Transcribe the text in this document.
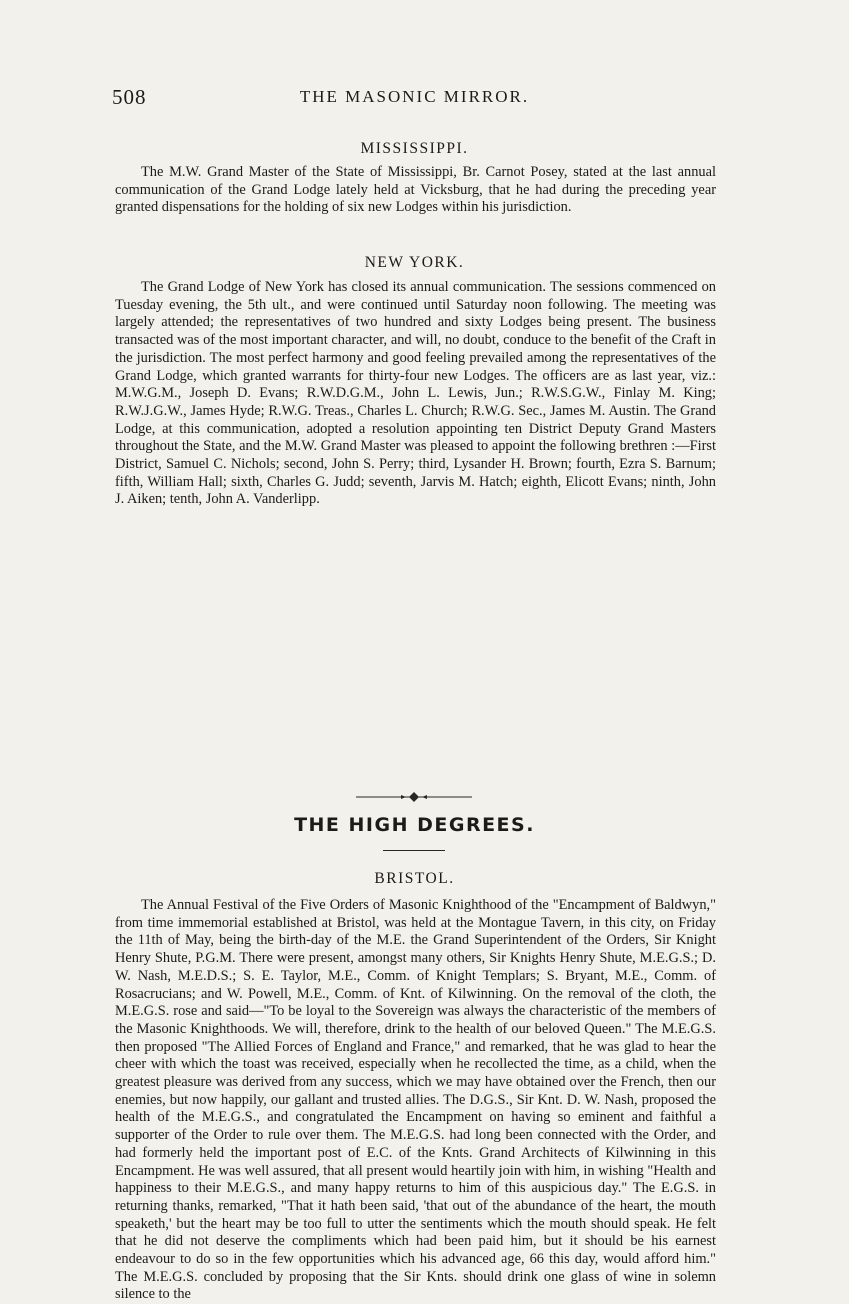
508	THE MASONIC MIRROR.
MISSISSIPPI.

The M.W. Grand Master of the State of Mississippi, Br. Carnot Posey, stated at the last annual communication of the Grand Lodge lately held at Vicksburg, that he had during the preceding year granted dispensations for the holding of six new Lodges within his jurisdiction.

NEW YORK.

The Grand Lodge of New York has closed its annual communication. The sessions commenced on Tuesday evening, the 5th ult., and were continued until Saturday noon following. The meeting was largely attended; the representatives of two hundred and sixty Lodges being present. The business transacted was of the most important character, and will, no doubt, conduce to the benefit of the Craft in the jurisdiction. The most perfect harmony and good feeling prevailed among the representatives of the Grand Lodge, which granted warrants for thirty-four new Lodges. The officers are as last year, viz.: M.W.G.M., Joseph D. Evans; R.W.D.G.M., John L. Lewis, Jun.; R.W.S.G.W., Finlay M. King; R.W.J.G.W., James Hyde; R.W.G. Treas., Charles L. Church; R.W.G. Sec., James M. Austin. The Grand Lodge, at this communication, adopted a resolution appointing ten District Deputy Grand Masters throughout the State, and the M.W. Grand Master was pleased to appoint the following brethren :—First District, Samuel C. Nichols; second, John S. Perry; third, Lysander H. Brown; fourth, Ezra S. Barnum; fifth, William Hall; sixth, Charles G. Judd; seventh, Jarvis M. Hatch; eighth, Elicott Evans; ninth, John J. Aiken; tenth, John A. Vanderlipp.

THE HIGH DEGREES.
BRISTOL.

The Annual Festival of the Five Orders of Masonic Knighthood of the "Encampment of Baldwyn," from time immemorial established at Bristol, was held at the Montague Tavern, in this city, on Friday the 11th of May, being the birth-day of the M.E. the Grand Superintendent of the Orders, Sir Knight Henry Shute, P.G.M. There were present, amongst many others, Sir Knights Henry Shute, M.E.G.S.; D. W. Nash, M.E.D.S.; S. E. Taylor, M.E., Comm. of Knight Templars; S. Bryant, M.E., Comm. of Rosacrucians; and W. Powell, M.E., Comm. of Knt. of Kilwinning. On the removal of the cloth, the M.E.G.S. rose and said—"To be loyal to the Sovereign was always the characteristic of the members of the Masonic Knighthoods. We will, therefore, drink to the health of our beloved Queen." The M.E.G.S. then proposed "The Allied Forces of England and France," and remarked, that he was glad to hear the cheer with which the toast was received, especially when he recollected the time, as a child, when the greatest pleasure was derived from any success, which we may have obtained over the French, then our enemies, but now happily, our gallant and trusted allies. The D.G.S., Sir Knt. D. W. Nash, proposed the health of the M.E.G.S., and congratulated the Encampment on having so eminent and faithful a supporter of the Order to rule over them. The M.E.G.S. had long been connected with the Order, and had formerly held the important post of E.C. of the Knts. Grand Architects of Kilwinning in this Encampment. He was well assured, that all present would heartily join with him, in wishing "Health and happiness to their M.E.G.S., and many happy returns to him of this auspicious day." The E.G.S. in returning thanks, remarked, "That it hath been said, 'that out of the abundance of the heart, the mouth speaketh,' but the heart may be too full to utter the sentiments which the mouth should speak. He felt that he did not deserve the compliments which had been paid him, but it should be his earnest endeavour to do so in the few opportunities which his advanced age, 66 this day, would afford him." The M.E.G.S. concluded by proposing that the Sir Knts. should drink one glass of wine in solemn silence to the
